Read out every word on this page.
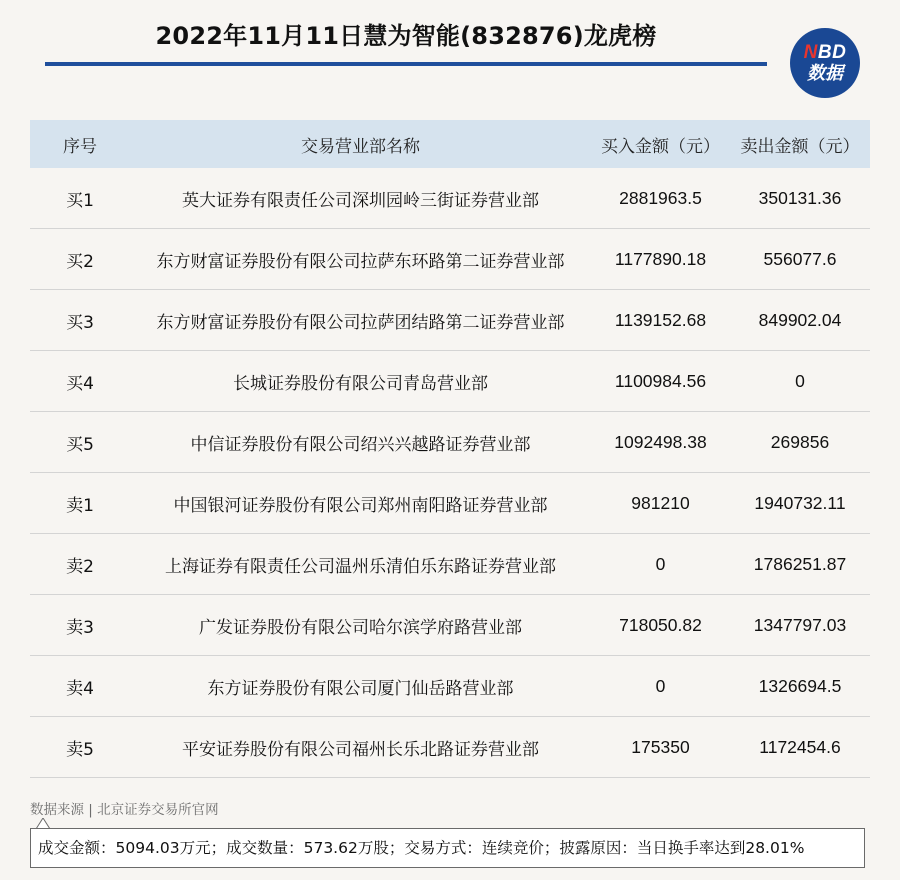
2022年11月11日慧为智能(832876)龙虎榜
NBD
数据
序号	交易营业部名称	买入金额（元）	卖出金额（元）
买1	英大证券有限责任公司深圳园岭三街证券营业部	2881963.5	350131.36
买2	东方财富证券股份有限公司拉萨东环路第二证券营业部	1177890.18	556077.6
买3	东方财富证券股份有限公司拉萨团结路第二证券营业部	1139152.68	849902.04
买4	长城证券股份有限公司青岛营业部	1100984.56	0
买5	中信证券股份有限公司绍兴兴越路证券营业部	1092498.38	269856
卖1	中国银河证券股份有限公司郑州南阳路证券营业部	981210	1940732.11
卖2	上海证券有限责任公司温州乐清伯乐东路证券营业部	0	1786251.87
卖3	广发证券股份有限公司哈尔滨学府路营业部	718050.82	1347797.03
卖4	东方证券股份有限公司厦门仙岳路营业部	0	1326694.5
卖5	平安证券股份有限公司福州长乐北路证券营业部	175350	1172454.6
数据来源 | 北京证券交易所官网
成交金额：5094.03万元；成交数量：573.62万股；交易方式：连续竞价；披露原因：当日换手率达到28.01%
